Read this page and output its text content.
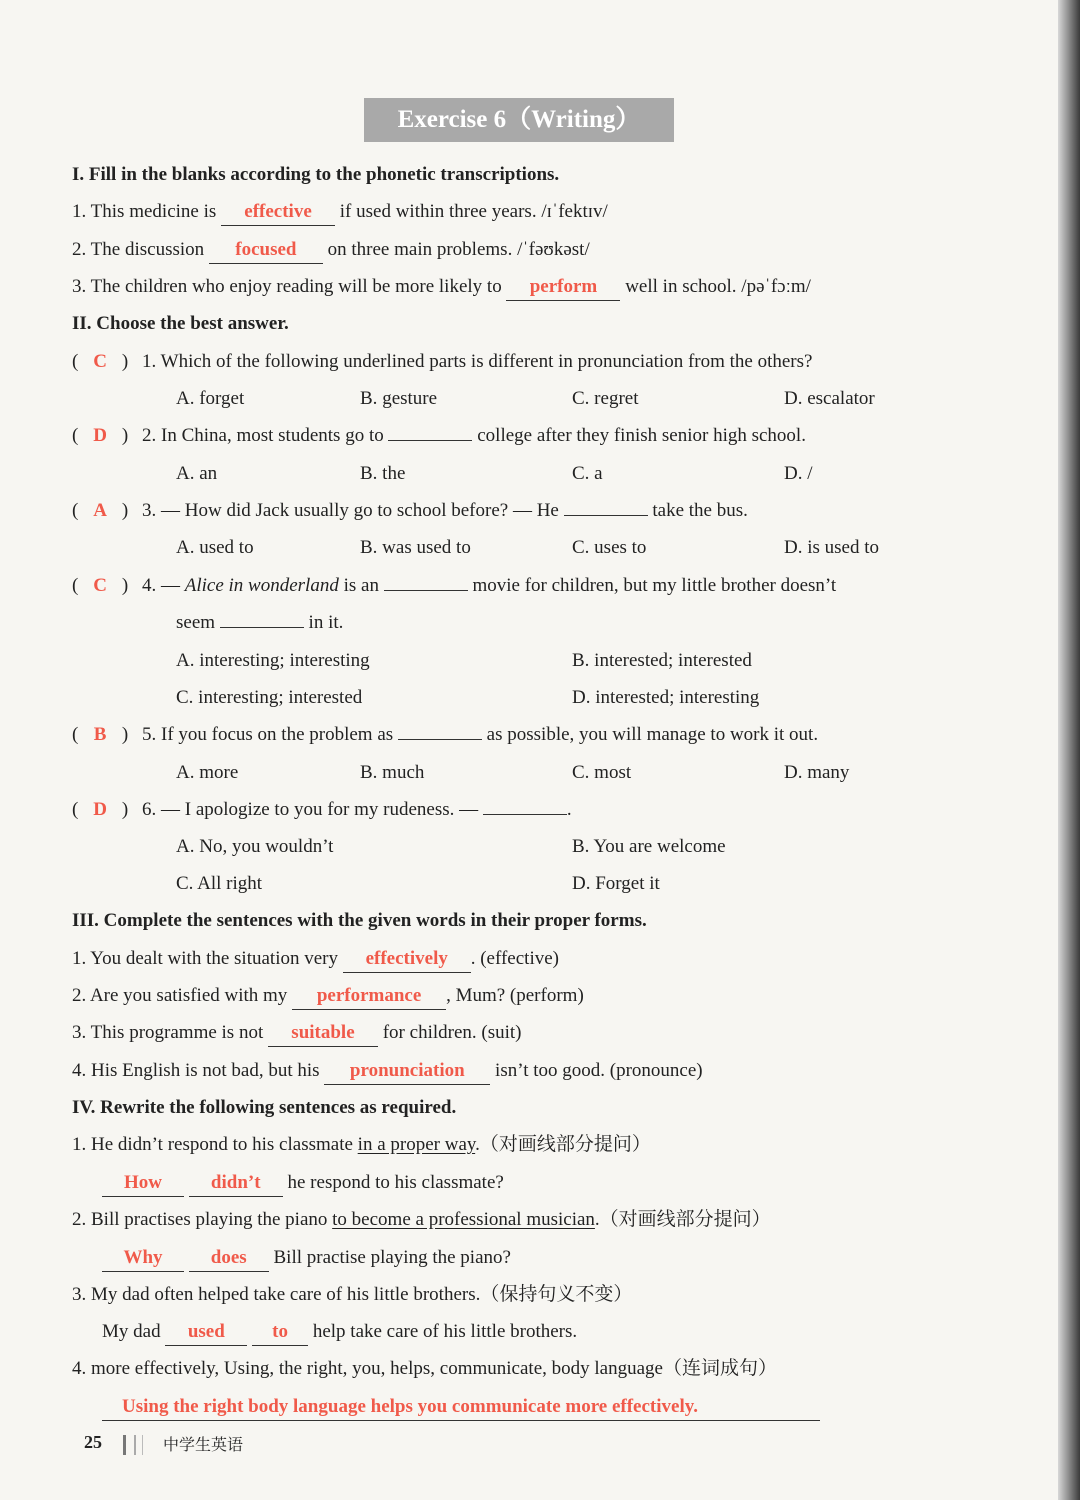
Exercise 6（Writing）
I. Fill in the blanks according to the phonetic transcriptions.
1. This medicine is effective if used within three years. /ɪˈfektɪv/
2. The discussion focused on three main problems. /ˈfəʊkəst/
3. The children who enjoy reading will be more likely to perform well in school. /pəˈfɔːm/
II. Choose the best answer.
( C ) 1. Which of the following underlined parts is different in pronunciation from the others?
A. forget	B. gesture	C. regret	D. escalator
( D ) 2. In China, most students go to	college after they finish senior high school.
A. an	B. the	C. a	D. /
( A ) 3. — How did Jack usually go to school before? — He	take the bus.
A. used to	B. was used to	C. uses to	D. is used to
( C ) 4. — Alice in wonderland is an	movie for children, but my little brother doesn’t
seem	in it.
A. interesting; interesting	B. interested; interested
C. interesting; interested	D. interested; interesting
( B ) 5. If you focus on the problem as	as possible, you will manage to work it out.
A. more	B. much	C. most	D. many
( D ) 6. — I apologize to you for my rudeness. —	.
A. No, you wouldn’t	B. You are welcome
C. All right	D. Forget it
III. Complete the sentences with the given words in their proper forms.
1. You dealt with the situation very effectively . (effective)
2. Are you satisfied with my performance , Mum? (perform)
3. This programme is not suitable for children. (suit)
4. His English is not bad, but his pronunciation isn’t too good. (pronounce)
IV. Rewrite the following sentences as required.
1. He didn’t respond to his classmate in a proper way.（对画线部分提问）
How	didn’t he respond to his classmate?
2. Bill practises playing the piano to become a professional musician.（对画线部分提问）
Why	does Bill practise playing the piano?
3. My dad often helped take care of his little brothers.（保持句义不变）
My dad used to help take care of his little brothers.
4. more effectively, Using, the right, you, helps, communicate, body language（连词成句）
Using the right body language helps you communicate more effectively.
25	中学生英语
